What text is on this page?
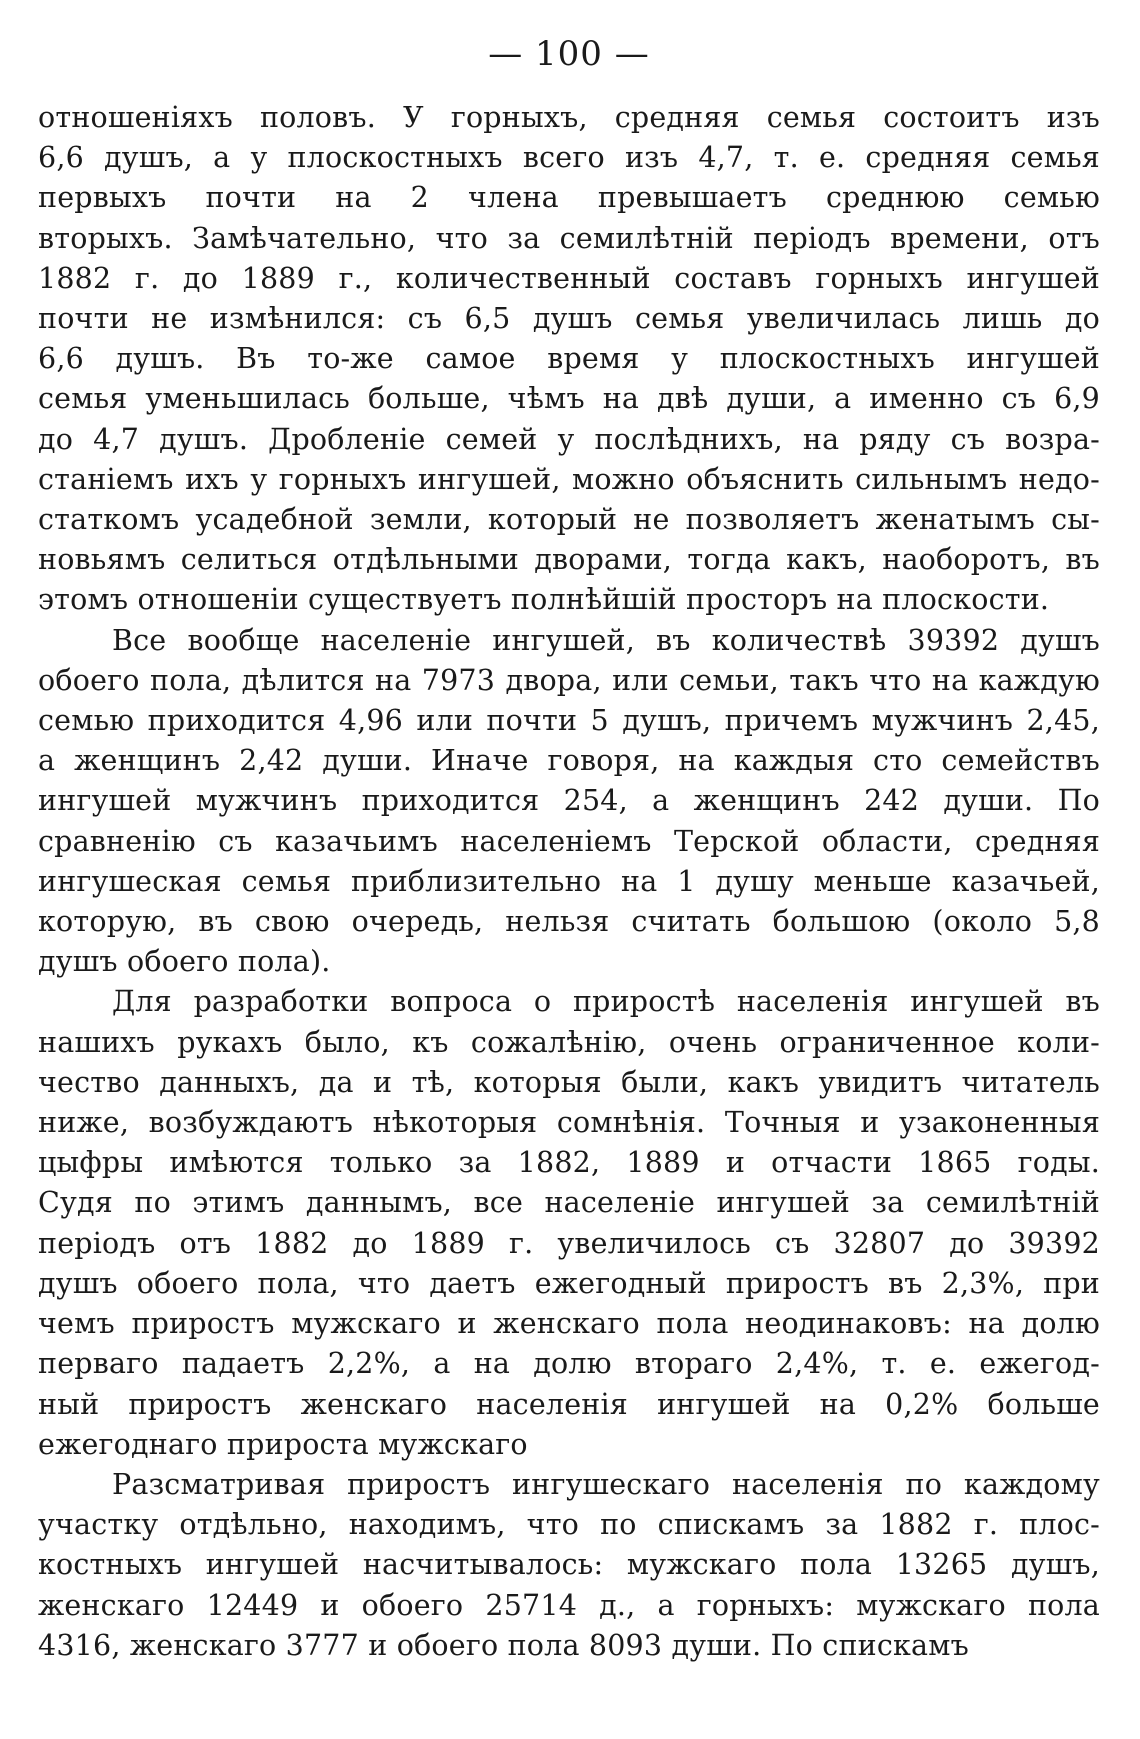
— 100 —
отношеніяхъ половъ. У горныхъ, средняя семья состоитъ изъ
6,6 душъ, а у плоскостныхъ всего изъ 4,7, т. е. средняя семья
первыхъ почти на 2 члена превышаетъ среднюю семью
вторыхъ. Замѣчательно, что за семилѣтній періодъ времени, отъ
1882 г. до 1889 г., количественный составъ горныхъ ингушей
почти не измѣнился: съ 6,5 душъ семья увеличилась лишь до
6,6 душъ. Въ то-же самое время у плоскостныхъ ингушей
семья уменьшилась больше, чѣмъ на двѣ души, а именно съ 6,9
до 4,7 душъ. Дробленіе семей у послѣднихъ, на ряду съ возра-
станіемъ ихъ у горныхъ ингушей, можно объяснить сильнымъ недо-
статкомъ усадебной земли, который не позволяетъ женатымъ сы-
новьямъ селиться отдѣльными дворами, тогда какъ, наоборотъ, въ
этомъ отношеніи существуетъ полнѣйшій просторъ на плоскости.
Все вообще населеніе ингушей, въ количествѣ 39392 душъ
обоего пола, дѣлится на 7973 двора, или семьи, такъ что на каждую
семью приходится 4,96 или почти 5 душъ, причемъ мужчинъ 2,45,
а женщинъ 2,42 души. Иначе говоря, на каждыя сто семействъ
ингушей мужчинъ приходится 254, а женщинъ 242 души. По
сравненію съ казачьимъ населеніемъ Терской области, средняя
ингушеская семья приблизительно на 1 душу меньше казачьей,
которую, въ свою очередь, нельзя считать большою (около 5,8
душъ обоего пола).
Для разработки вопроса о приростѣ населенія ингушей въ
нашихъ рукахъ было, къ сожалѣнію, очень ограниченное коли-
чество данныхъ, да и тѣ, которыя были, какъ увидитъ читатель
ниже, возбуждаютъ нѣкоторыя сомнѣнія. Точныя и узаконенныя
цыфры имѣются только за 1882, 1889 и отчасти 1865 годы.
Судя по этимъ даннымъ, все населеніе ингушей за семилѣтній
періодъ отъ 1882 до 1889 г. увеличилось съ 32807 до 39392
душъ обоего пола, что даетъ ежегодный приростъ въ 2,3%, при
чемъ приростъ мужскаго и женскаго пола неодинаковъ: на долю
перваго падаетъ 2,2%, а на долю втораго 2,4%, т. е. ежегод-
ный приростъ женскаго населенія ингушей на 0,2% больше
ежегоднаго прироста мужскаго
Разсматривая приростъ ингушескаго населенія по каждому
участку отдѣльно, находимъ, что по спискамъ за 1882 г. плос-
костныхъ ингушей насчитывалось: мужскаго пола 13265 душъ,
женскаго 12449 и обоего 25714 д., а горныхъ: мужскаго пола
4316, женскаго 3777 и обоего пола 8093 души. По спискамъ
